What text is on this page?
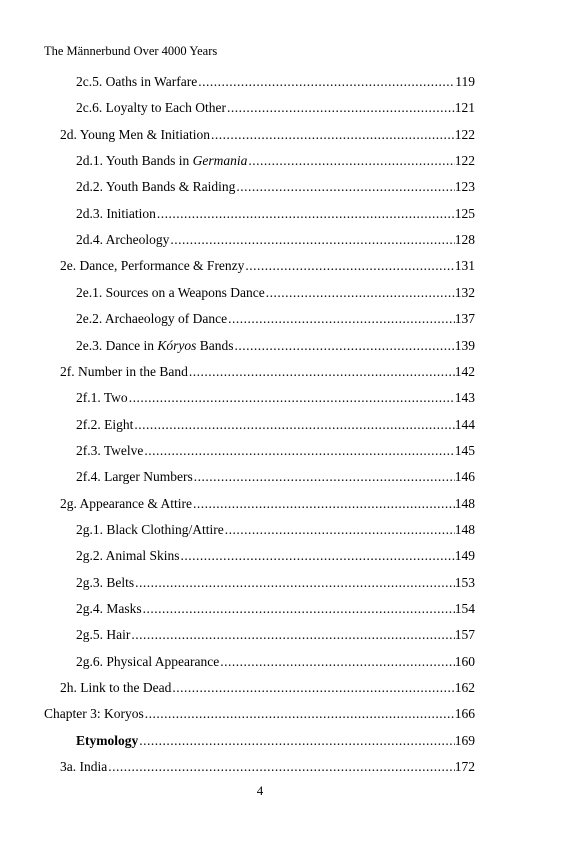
The Männerbund Over 4000 Years
2c.5. Oaths in Warfare .....	119
2c.6. Loyalty to Each Other .....	121
2d. Young Men & Initiation .....	122
2d.1. Youth Bands in Germania .....	122
2d.2. Youth Bands & Raiding .....	123
2d.3. Initiation .....	125
2d.4. Archeology .....	128
2e. Dance, Performance & Frenzy .....	131
2e.1. Sources on a Weapons Dance .....	132
2e.2. Archaeology of Dance .....	137
2e.3. Dance in Kóryos Bands .....	139
2f. Number in the Band .....	142
2f.1. Two .....	143
2f.2. Eight .....	144
2f.3. Twelve .....	145
2f.4. Larger Numbers .....	146
2g. Appearance & Attire .....	148
2g.1. Black Clothing/Attire .....	148
2g.2. Animal Skins .....	149
2g.3. Belts .....	153
2g.4. Masks .....	154
2g.5. Hair .....	157
2g.6. Physical Appearance .....	160
2h. Link to the Dead .....	162
Chapter 3: Koryos .....	166
Etymology .....	169
3a. India .....	172
4
